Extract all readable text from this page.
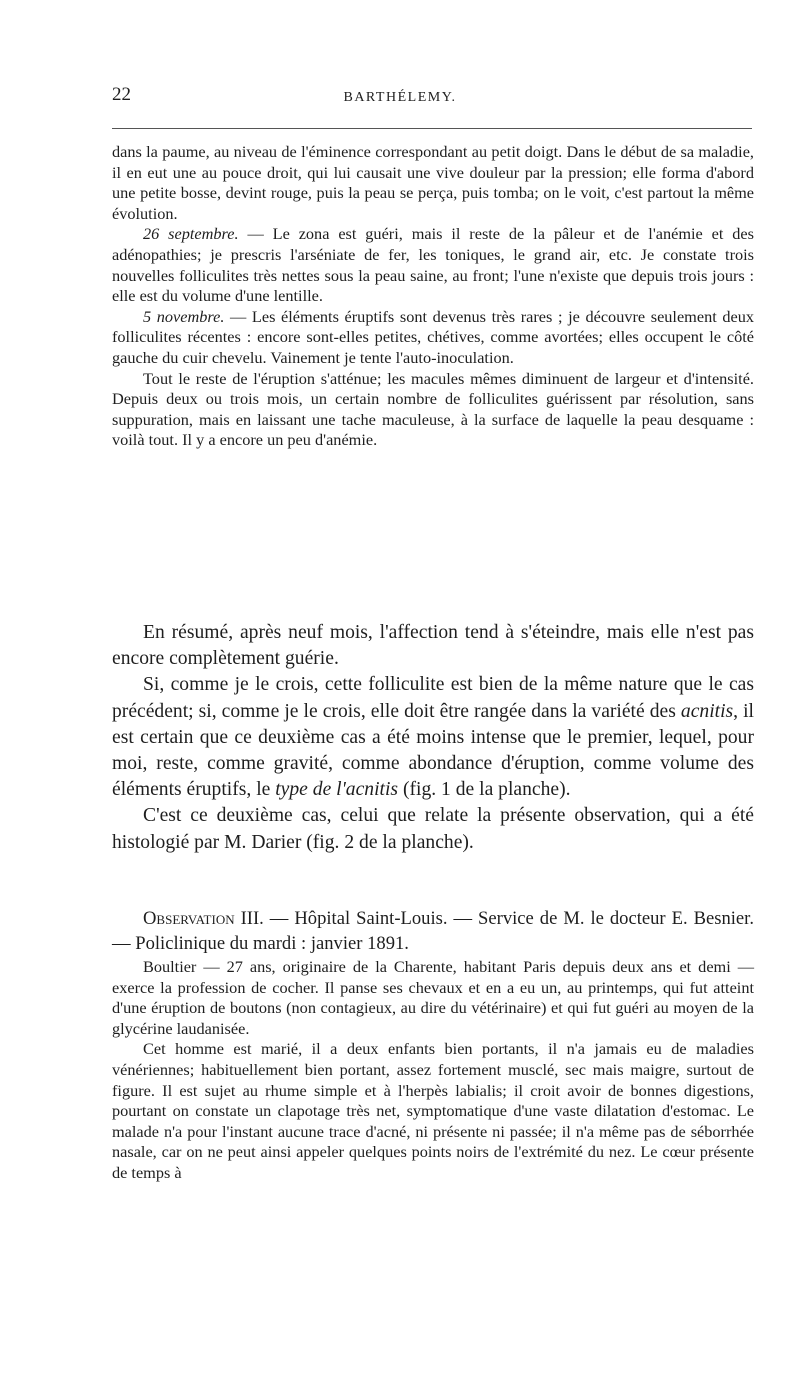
22	BARTHÉLEMY.

dans la paume, au niveau de l'éminence correspondant au petit doigt. Dans le début de sa maladie, il en eut une au pouce droit, qui lui causait une vive douleur par la pression; elle forma d'abord une petite bosse, devint rouge, puis la peau se perça, puis tomba; on le voit, c'est partout la même évolution.

26 septembre. — Le zona est guéri, mais il reste de la pâleur et de l'anémie et des adénopathies; je prescris l'arséniate de fer, les toniques, le grand air, etc. Je constate trois nouvelles folliculites très nettes sous la peau saine, au front; l'une n'existe que depuis trois jours : elle est du volume d'une lentille.

5 novembre. — Les éléments éruptifs sont devenus très rares ; je découvre seulement deux folliculites récentes : encore sont-elles petites, chétives, comme avortées; elles occupent le côté gauche du cuir chevelu. Vainement je tente l'auto-inoculation.

Tout le reste de l'éruption s'atténue; les macules mêmes diminuent de largeur et d'intensité. Depuis deux ou trois mois, un certain nombre de folliculites guérissent par résolution, sans suppuration, mais en laissant une tache maculeuse, à la surface de laquelle la peau desquame : voilà tout. Il y a encore un peu d'anémie.

En résumé, après neuf mois, l'affection tend à s'éteindre, mais elle n'est pas encore complètement guérie.

Si, comme je le crois, cette folliculite est bien de la même nature que le cas précédent; si, comme je le crois, elle doit être rangée dans la variété des acnitis, il est certain que ce deuxième cas a été moins intense que le premier, lequel, pour moi, reste, comme gravité, comme abondance d'éruption, comme volume des éléments éruptifs, le type de l'acnitis (fig. 1 de la planche).

C'est ce deuxième cas, celui que relate la présente observation, qui a été histologié par M. Darier (fig. 2 de la planche).

Observation III. — Hôpital Saint-Louis. — Service de M. le docteur E. Besnier. — Policlinique du mardi : janvier 1891.

Boultier — 27 ans, originaire de la Charente, habitant Paris depuis deux ans et demi — exerce la profession de cocher. Il panse ses chevaux et en a eu un, au printemps, qui fut atteint d'une éruption de boutons (non contagieux, au dire du vétérinaire) et qui fut guéri au moyen de la glycérine laudanisée.

Cet homme est marié, il a deux enfants bien portants, il n'a jamais eu de maladies vénériennes; habituellement bien portant, assez fortement musclé, sec mais maigre, surtout de figure. Il est sujet au rhume simple et à l'herpès labialis; il croit avoir de bonnes digestions, pourtant on constate un clapotage très net, symptomatique d'une vaste dilatation d'estomac. Le malade n'a pour l'instant aucune trace d'acné, ni présente ni passée; il n'a même pas de séborrhée nasale, car on ne peut ainsi appeler quelques points noirs de l'extrémité du nez. Le cœur présente de temps à
